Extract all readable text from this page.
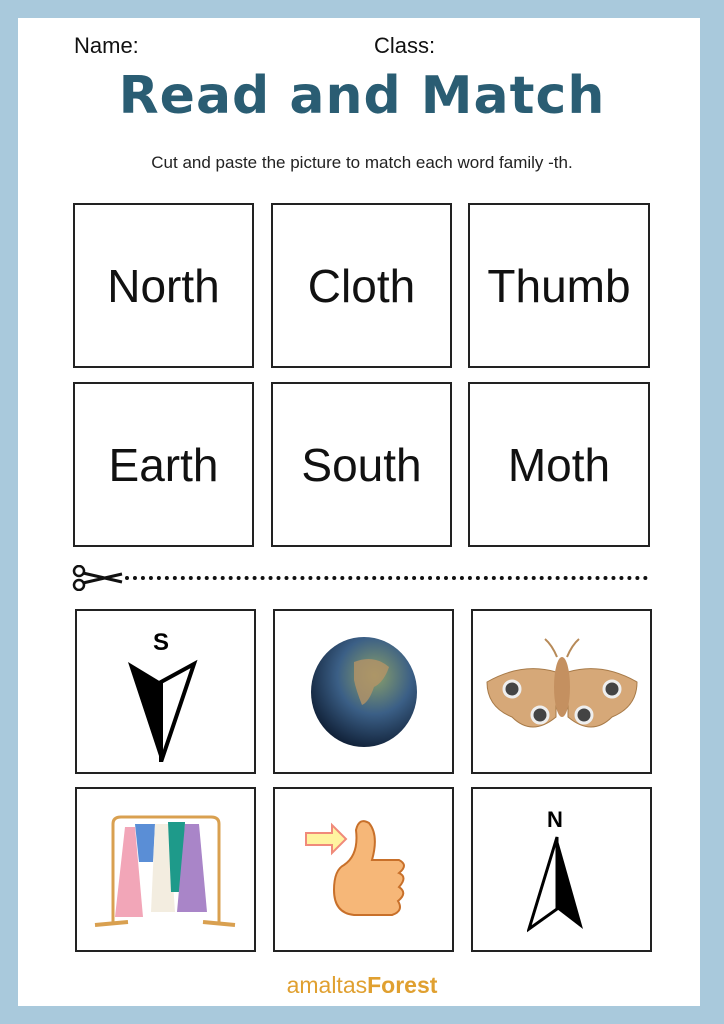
Name:	Class:
Read and Match
Cut and paste the picture to match each word family -th.
North Cloth Thumb
Earth South Moth
S
N
amaltasForest
